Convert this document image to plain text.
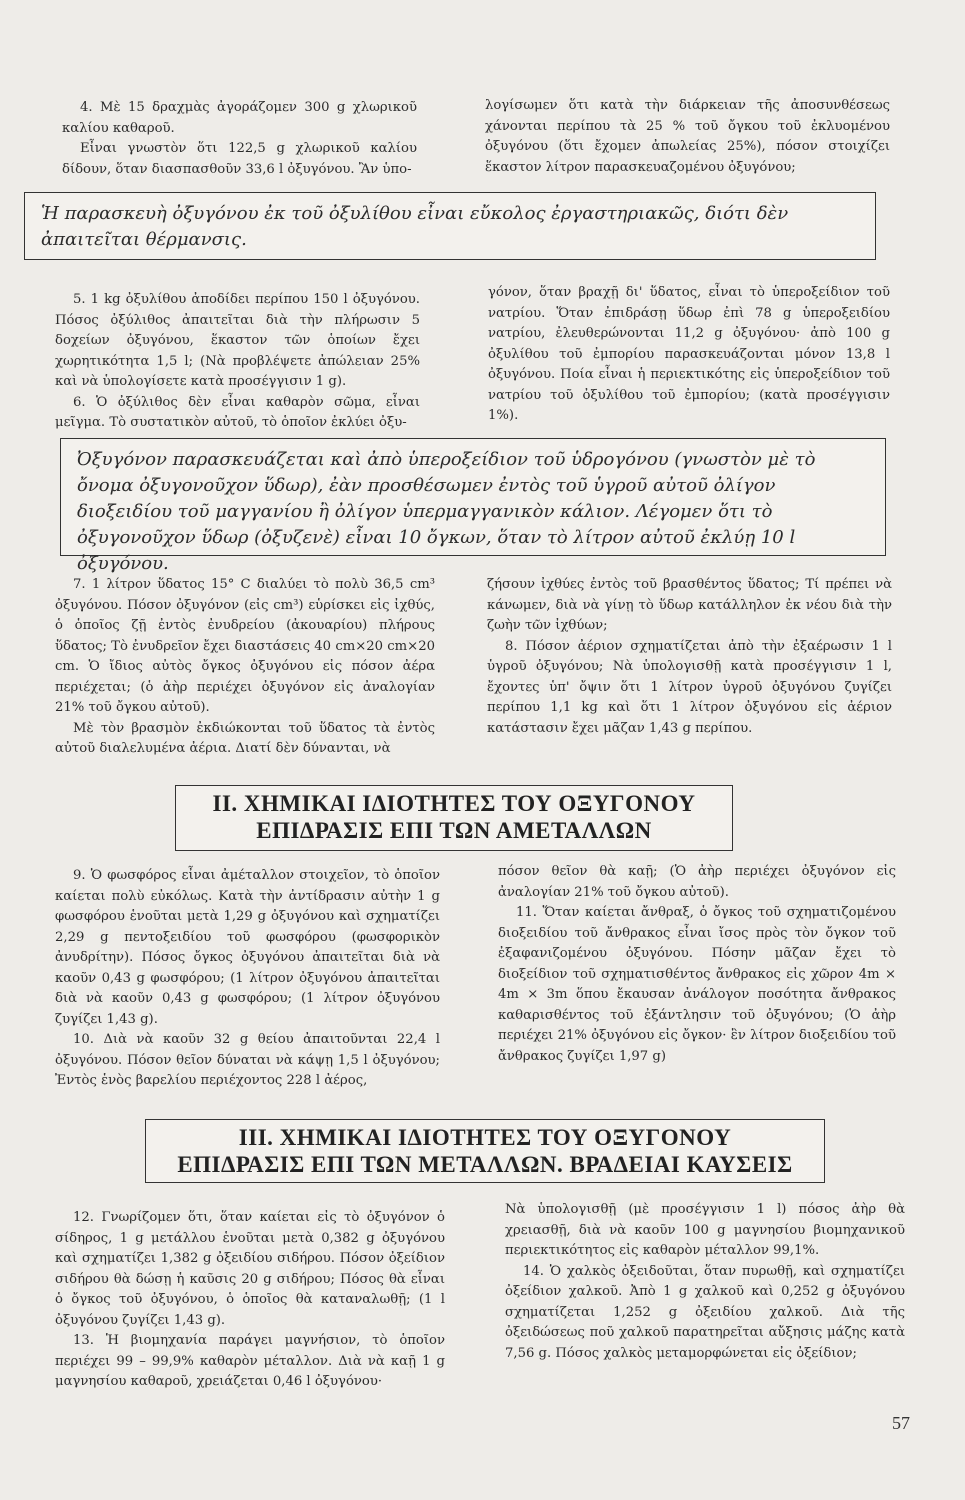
4. Μὲ 15 δραχμὰς ἀγοράζομεν 300 g χλωρικοῦ καλίου καθαροῦ.

Εἶναι γνωστὸν ὅτι 122,5 g χλωρικοῦ καλίου δίδουν, ὅταν διασπασθοῦν 33,6 l ὀξυγόνου. Ἂν ὑπο-

λογίσωμεν ὅτι κατὰ τὴν διάρκειαν τῆς ἀποσυνθέσεως χάνονται περίπου τὰ 25 % τοῦ ὄγκου τοῦ ἐκλυομένου ὀξυγόνου (ὅτι ἔχομεν ἀπωλείας 25%), πόσον στοιχίζει ἕκαστον λίτρον παρασκευαζομένου ὀξυγόνου;

Ἡ παρασκευὴ ὀξυγόνου ἐκ τοῦ ὀξυλίθου εἶναι εὔκολος ἐργαστηριακῶς, διότι δὲν ἀπαιτεῖται θέρμανσις.

5. 1 kg ὀξυλίθου ἀποδίδει περίπου 150 l ὀξυγόνου. Πόσος ὀξύλιθος ἀπαιτεῖται διὰ τὴν πλήρωσιν 5 δοχείων ὀξυγόνου, ἕκαστον τῶν ὁποίων ἔχει χωρητικότητα 1,5 l; (Νὰ προβλέψετε ἀπώλειαν 25% καὶ νὰ ὑπολογίσετε κατὰ προσέγγισιν 1 g).

6. Ὁ ὀξύλιθος δὲν εἶναι καθαρὸν σῶμα, εἶναι μεῖγμα. Τὸ συστατικὸν αὐτοῦ, τὸ ὁποῖον ἐκλύει ὀξυ-

γόνον, ὅταν βραχῇ δι' ὕδατος, εἶναι τὸ ὑπεροξείδιον τοῦ νατρίου. Ὅταν ἐπιδράσῃ ὕδωρ ἐπὶ 78 g ὑπεροξειδίου νατρίου, ἐλευθερώνονται 11,2 g ὀξυγόνου· ἀπὸ 100 g ὀξυλίθου τοῦ ἐμπορίου παρασκευάζονται μόνον 13,8 l ὀξυγόνου. Ποία εἶναι ἡ περιεκτικότης εἰς ὑπεροξείδιον τοῦ νατρίου τοῦ ὀξυλίθου τοῦ ἐμπορίου; (κατὰ προσέγγισιν 1%).

Ὀξυγόνον παρασκευάζεται καὶ ἀπὸ ὑπεροξείδιον τοῦ ὑδρογόνου (γνωστὸν μὲ τὸ ὄνομα ὀξυγονοῦχον ὕδωρ), ἐὰν προσθέσωμεν ἐντὸς τοῦ ὑγροῦ αὐτοῦ ὀλίγον διοξειδίου τοῦ μαγγανίου ἢ ὀλίγον ὑπερμαγγανικὸν κάλιον. Λέγομεν ὅτι τὸ ὀξυγονοῦχον ὕδωρ (ὀξυζενὲ) εἶναι 10 ὄγκων, ὅταν τὸ λίτρον αὐτοῦ ἐκλύῃ 10 l ὀξυγόνου.

7. 1 λίτρον ὕδατος 15° C διαλύει τὸ πολὺ 36,5 cm³ ὀξυγόνου. Πόσον ὀξυγόνον (εἰς cm³) εὑρίσκει εἰς ἰχθύς, ὁ ὁποῖος ζῇ ἐντὸς ἐνυδρείου (ἀκουαρίου) πλήρους ὕδατος; Τὸ ἐνυδρεῖον ἔχει διαστάσεις 40 cm×20 cm×20 cm. Ὁ ἴδιος αὐτὸς ὄγκος ὀξυγόνου εἰς πόσον ἀέρα περιέχεται; (ὁ ἀὴρ περιέχει ὀξυγόνον εἰς ἀναλογίαν 21% τοῦ ὄγκου αὐτοῦ).

Μὲ τὸν βρασμὸν ἐκδιώκονται τοῦ ὕδατος τὰ ἐντὸς αὐτοῦ διαλελυμένα ἀέρια. Διατί δὲν δύνανται, νὰ

ζήσουν ἰχθύες ἐντὸς τοῦ βρασθέντος ὕδατος; Τί πρέπει νὰ κάνωμεν, διὰ νὰ γίνῃ τὸ ὕδωρ κατάλληλον ἐκ νέου διὰ τὴν ζωὴν τῶν ἰχθύων;

8. Πόσον ἀέριον σχηματίζεται ἀπὸ τὴν ἐξαέρωσιν 1 l ὑγροῦ ὀξυγόνου; Νὰ ὑπολογισθῇ κατὰ προσέγγισιν 1 l, ἔχοντες ὑπ' ὄψιν ὅτι 1 λίτρον ὑγροῦ ὀξυγόνου ζυγίζει περίπου 1,1 kg καὶ ὅτι 1 λίτρον ὀξυγόνου εἰς ἀέριον κατάστασιν ἔχει μᾶζαν 1,43 g περίπου.

II. ΧΗΜΙΚΑΙ ΙΔΙΟΤΗΤΕΣ ΤΟΥ ΟΞΥΓΟΝΟΥ
ΕΠΙΔΡΑΣΙΣ ΕΠΙ ΤΩΝ ΑΜΕΤΑΛΛΩΝ

9. Ὁ φωσφόρος εἶναι ἀμέταλλον στοιχεῖον, τὸ ὁποῖον καίεται πολὺ εὐκόλως. Κατὰ τὴν ἀντίδρασιν αὐτὴν 1 g φωσφόρου ἑνοῦται μετὰ 1,29 g ὀξυγόνου καὶ σχηματίζει 2,29 g πεντοξειδίου τοῦ φωσφόρου (φωσφορικὸν ἀνυδρίτην). Πόσος ὄγκος ὀξυγόνου ἀπαιτεῖται διὰ νὰ καοῦν 0,43 g φωσφόρου; (1 λίτρον ὀξυγόνου ἀπαιτεῖται διὰ νὰ καοῦν 0,43 g φωσφόρου; (1 λίτρον ὀξυγόνου ζυγίζει 1,43 g).

10. Διὰ νὰ καοῦν 32 g θείου ἀπαιτοῦνται 22,4 l ὀξυγόνου. Πόσον θεῖον δύναται νὰ κάψῃ 1,5 l ὀξυγόνου; Ἐντὸς ἑνὸς βαρελίου περιέχοντος 228 l ἀέρος,

πόσον θεῖον θὰ καῇ; (Ὁ ἀὴρ περιέχει ὀξυγόνον εἰς ἀναλογίαν 21% τοῦ ὄγκου αὐτοῦ).

11. Ὅταν καίεται ἄνθραξ, ὁ ὄγκος τοῦ σχηματιζομένου διοξειδίου τοῦ ἄνθρακος εἶναι ἴσος πρὸς τὸν ὄγκον τοῦ ἐξαφανιζομένου ὀξυγόνου. Πόσην μᾶζαν ἔχει τὸ διοξείδιον τοῦ σχηματισθέντος ἄνθρακος εἰς χῶρον 4m × 4m × 3m ὅπου ἔκαυσαν ἀνάλογον ποσότητα ἄνθρακος καθαρισθέντος τοῦ ἐξάντλησιν τοῦ ὀξυγόνου; (Ὁ ἀὴρ περιέχει 21% ὀξυγόνου εἰς ὄγκον· ἓν λίτρον διοξειδίου τοῦ ἄνθρακος ζυγίζει 1,97 g)

III. ΧΗΜΙΚΑΙ ΙΔΙΟΤΗΤΕΣ ΤΟΥ ΟΞΥΓΟΝΟΥ
ΕΠΙΔΡΑΣΙΣ ΕΠΙ ΤΩΝ ΜΕΤΑΛΛΩΝ. ΒΡΑΔΕΙΑΙ ΚΑΥΣΕΙΣ

12. Γνωρίζομεν ὅτι, ὅταν καίεται εἰς τὸ ὀξυγόνον ὁ σίδηρος, 1 g μετάλλου ἑνοῦται μετὰ 0,382 g ὀξυγόνου καὶ σχηματίζει 1,382 g ὀξειδίου σιδήρου. Πόσον ὀξείδιον σιδήρου θὰ δώσῃ ἡ καῦσις 20 g σιδήρου; Πόσος θὰ εἶναι ὁ ὄγκος τοῦ ὀξυγόνου, ὁ ὁποῖος θὰ καταναλωθῇ; (1 l ὀξυγόνου ζυγίζει 1,43 g).

13. Ἡ βιομηχανία παράγει μαγνήσιον, τὸ ὁποῖον περιέχει 99 – 99,9% καθαρὸν μέταλλον. Διὰ νὰ καῇ 1 g μαγνησίου καθαροῦ, χρειάζεται 0,46 l ὀξυγόνου·

Νὰ ὑπολογισθῇ (μὲ προσέγγισιν 1 l) πόσος ἀὴρ θὰ χρειασθῇ, διὰ νὰ καοῦν 100 g μαγνησίου βιομηχανικοῦ περιεκτικότητος εἰς καθαρὸν μέταλλον 99,1%.

14. Ὁ χαλκὸς ὀξειδοῦται, ὅταν πυρωθῇ, καὶ σχηματίζει ὀξείδιον χαλκοῦ. Ἀπὸ 1 g χαλκοῦ καὶ 0,252 g ὀξυγόνου σχηματίζεται 1,252 g ὀξειδίου χαλκοῦ. Διὰ τῆς ὀξειδώσεως ποῦ χαλκοῦ παρατηρεῖται αὔξησις μάζης κατὰ 7,56 g. Πόσος χαλκὸς μεταμορφώνεται εἰς ὀξείδιον;

57
